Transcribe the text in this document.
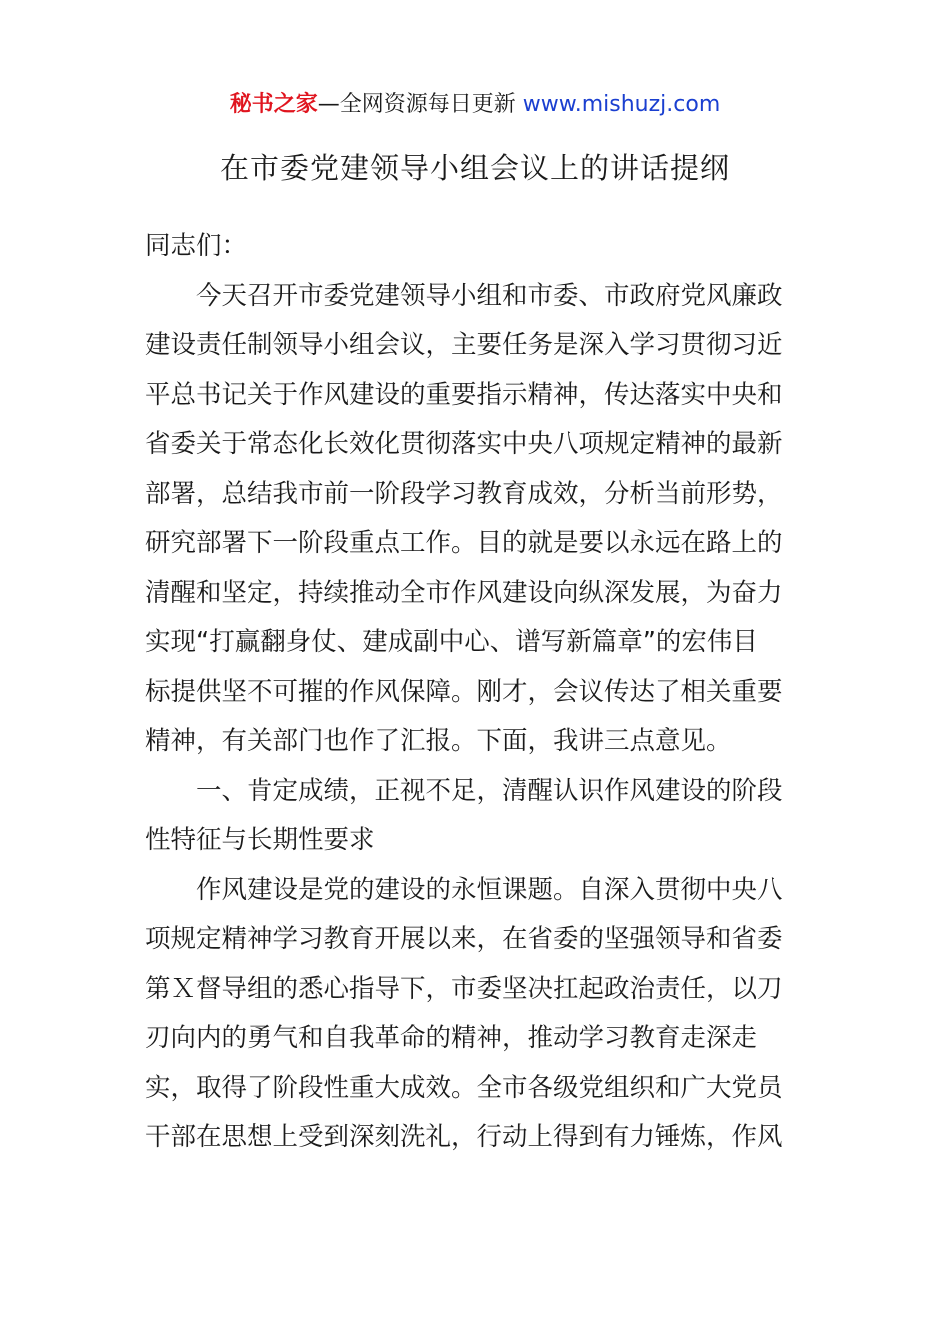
秘书之家—全网资源每日更新 www.mishuzj.com
在市委党建领导小组会议上的讲话提纲
同志们：
今天召开市委党建领导小组和市委、市政府党风廉政
建设责任制领导小组会议，主要任务是深入学习贯彻习近
平总书记关于作风建设的重要指示精神，传达落实中央和
省委关于常态化长效化贯彻落实中央八项规定精神的最新
部署，总结我市前一阶段学习教育成效，分析当前形势，
研究部署下一阶段重点工作。目的就是要以永远在路上的
清醒和坚定，持续推动全市作风建设向纵深发展，为奋力
实现“打赢翻身仗、建成副中心、谱写新篇章”的宏伟目
标提供坚不可摧的作风保障。刚才，会议传达了相关重要
精神，有关部门也作了汇报。下面，我讲三点意见。
一、肯定成绩，正视不足，清醒认识作风建设的阶段
性特征与长期性要求
作风建设是党的建设的永恒课题。自深入贯彻中央八
项规定精神学习教育开展以来，在省委的坚强领导和省委
第Ｘ督导组的悉心指导下，市委坚决扛起政治责任，以刀
刃向内的勇气和自我革命的精神，推动学习教育走深走
实，取得了阶段性重大成效。全市各级党组织和广大党员
干部在思想上受到深刻洗礼，行动上得到有力锤炼，作风
